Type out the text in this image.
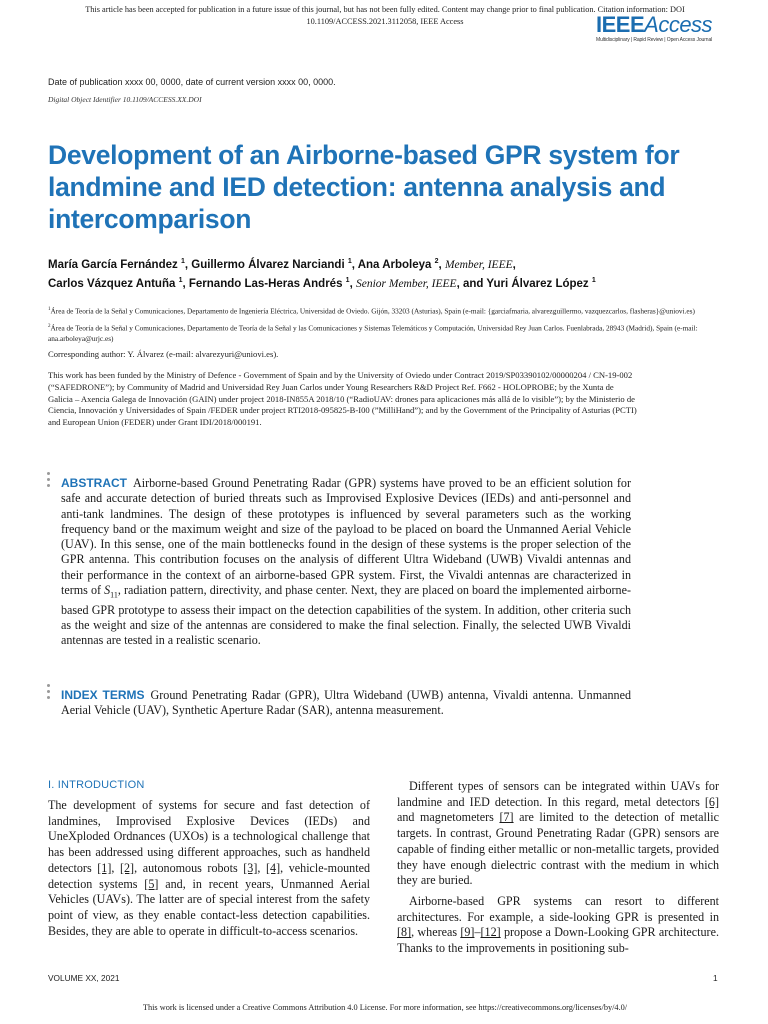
This article has been accepted for publication in a future issue of this journal, but has not been fully edited. Content may change prior to final publication. Citation information: DOI
10.1109/ACCESS.2021.3112058, IEEE Access	IEEEAccess
Multidisciplinary | Rapid Review | Open Access Journal
Date of publication xxxx 00, 0000, date of current version xxxx 00, 0000.
Digital Object Identifier 10.1109/ACCESS.XX.DOI
Development of an Airborne-based GPR system for landmine and IED detection: antenna analysis and intercomparison
María García Fernández $^1$, Guillermo Álvarez Narciandi $^1$, Ana Arboleya $^2$, Member, IEEE,
Carlos Vázquez Antuña $^1$, Fernando Las-Heras Andrés $^1$, Senior Member, IEEE, and Yuri Álvarez López $^1$
$^1$Área de Teoría de la Señal y Comunicaciones, Departamento de Ingeniería Eléctrica, Universidad de Oviedo. Gijón, 33203 (Asturias), Spain (e-mail: {garciafmaria, alvarezguillermo, vazquezcarlos, flasheras}@uniovi.es)
$^2$Área de Teoría de la Señal y Comunicaciones, Departamento de Teoría de la Señal y las Comunicaciones y Sistemas Telemáticos y Computación, Universidad Rey Juan Carlos. Fuenlabrada, 28943 (Madrid), Spain (e-mail: ana.arboleya@urjc.es)
Corresponding author: Y. Álvarez (e-mail: alvarezyuri@uniovi.es).
This work has been funded by the Ministry of Defence - Government of Spain and by the University of Oviedo under Contract 2019/SP03390102/00000204 / CN-19-002 (“SAFEDRONE”); by Community of Madrid and Universidad Rey Juan Carlos under Young Researchers R&D Project Ref. F662 - HOLOPROBE; by the Xunta de Galicia – Axencia Galega de Innovación (GAIN) under project 2018-IN855A 2018/10 (“RadioUAV: drones para aplicaciones más allá de lo visible”); by the Ministerio de Ciencia, Innovación y Universidades of Spain /FEDER under project RTI2018-095825-B-I00 (”MilliHand”); and by the Government of the Principality of Asturias (PCTI) and European Union (FEDER) under Grant IDI/2018/000191.
ABSTRACT Airborne-based Ground Penetrating Radar (GPR) systems have proved to be an efficient solution for safe and accurate detection of buried threats such as Improvised Explosive Devices (IEDs) and anti-personnel and anti-tank landmines. The design of these prototypes is influenced by several parameters such as the working frequency band or the maximum weight and size of the payload to be placed on board the Unmanned Aerial Vehicle (UAV). In this sense, one of the main bottlenecks found in the design of these systems is the proper selection of the GPR antenna. This contribution focuses on the analysis of different Ultra Wideband (UWB) Vivaldi antennas and their performance in the context of an airborne-based GPR system. First, the Vivaldi antennas are characterized in terms of $S_{11}$, radiation pattern, directivity, and phase center. Next, they are placed on board the implemented airborne-based GPR prototype to assess their impact on the detection capabilities of the system. In addition, other criteria such as the weight and size of the antennas are considered to make the final selection. Finally, the selected UWB Vivaldi antennas are tested in a realistic scenario.
INDEX TERMS Ground Penetrating Radar (GPR), Ultra Wideband (UWB) antenna, Vivaldi antenna. Unmanned Aerial Vehicle (UAV), Synthetic Aperture Radar (SAR), antenna measurement.
I. INTRODUCTION

The development of systems for secure and fast detection of landmines, Improvised Explosive Devices (IEDs) and UneXploded Ordnances (UXOs) is a technological challenge that has been addressed using different approaches, such as handheld detectors [1], [2], autonomous robots [3], [4], vehicle-mounted detection systems [5] and, in recent years, Unmanned Aerial Vehicles (UAVs). The latter are of special interest from the safety point of view, as they enable contact-less detection capabilities. Besides, they are able to operate in difficult-to-access scenarios.

Different types of sensors can be integrated within UAVs for landmine and IED detection. In this regard, metal detectors [6] and magnetometers [7] are limited to the detection of metallic targets. In contrast, Ground Penetrating Radar (GPR) sensors are capable of finding either metallic or non-metallic targets, provided they have enough dielectric contrast with the medium in which they are buried.

Airborne-based GPR systems can resort to different architectures. For example, a side-looking GPR is presented in [8], whereas [9]–[12] propose a Down-Looking GPR architecture. Thanks to the improvements in positioning sub-

VOLUME XX, 2021	1
This work is licensed under a Creative Commons Attribution 4.0 License. For more information, see https://creativecommons.org/licenses/by/4.0/
